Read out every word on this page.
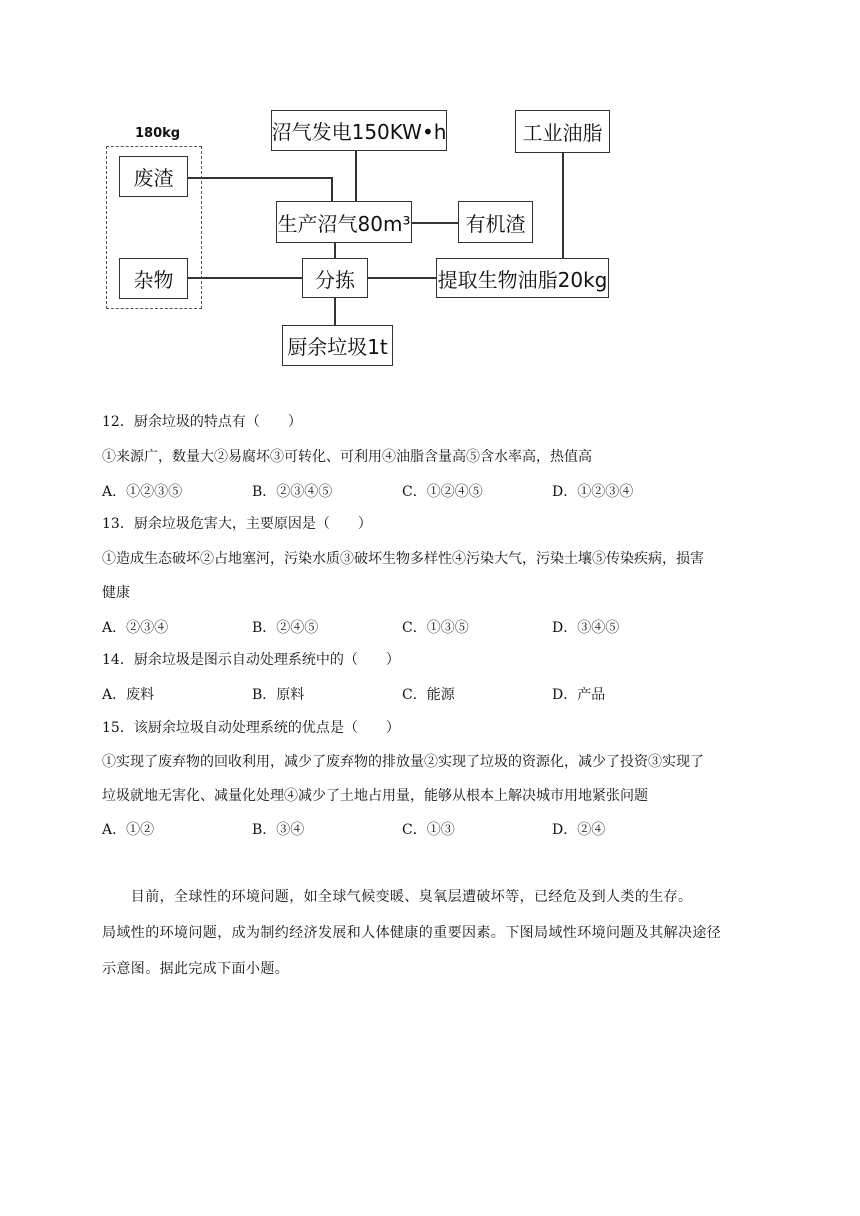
180kg
废渣
杂物
沼气发电150KW•h
生产沼气80m³	有机渣
分拣	提取生物油脂20kg
工业油脂
厨余垃圾1t
12．厨余垃圾的特点有（　　）
①来源广，数量大②易腐坏③可转化、可利用④油脂含量高⑤含水率高，热值高
A．①②③⑤	B．②③④⑤	C．①②④⑤	D．①②③④
13．厨余垃圾危害大，主要原因是（　　）
①造成生态破坏②占地塞河，污染水质③破坏生物多样性④污染大气，污染土壤⑤传染疾病，损害
健康
A．②③④	B．②④⑤	C．①③⑤	D．③④⑤
14．厨余垃圾是图示自动处理系统中的（　　）
A．废料	B．原料	C．能源	D．产品
15．该厨余垃圾自动处理系统的优点是（　　）
①实现了废弃物的回收利用，减少了废弃物的排放量②实现了垃圾的资源化，减少了投资③实现了
垃圾就地无害化、减量化处理④减少了土地占用量，能够从根本上解决城市用地紧张问题
A．①②	B．③④	C．①③	D．②④
　　目前，全球性的环境问题，如全球气候变暖、臭氧层遭破坏等，已经危及到人类的生存。
局域性的环境问题，成为制约经济发展和人体健康的重要因素。下图局域性环境问题及其解决途径
示意图。据此完成下面小题。
